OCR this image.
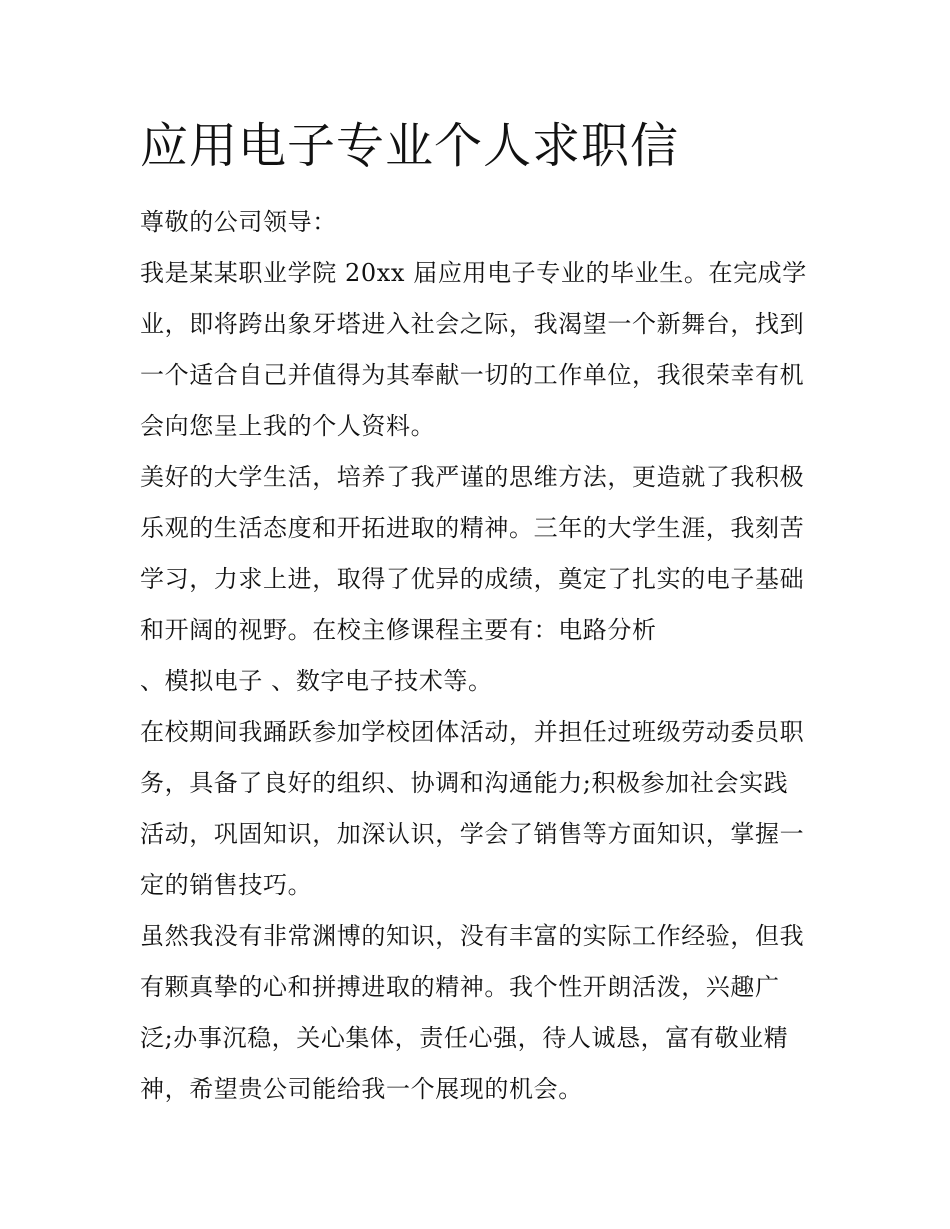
应用电子专业个人求职信

尊敬的公司领导：

我是某某职业学院 20xx 届应用电子专业的毕业生。在完成学

业，即将跨出象牙塔进入社会之际，我渴望一个新舞台，找到

一个适合自己并值得为其奉献一切的工作单位，我很荣幸有机

会向您呈上我的个人资料。

美好的大学生活，培养了我严谨的思维方法，更造就了我积极

乐观的生活态度和开拓进取的精神。三年的大学生涯，我刻苦

学习，力求上进，取得了优异的成绩，奠定了扎实的电子基础

和开阔的视野。在校主修课程主要有：电路分析

、模拟电子 、数字电子技术等。

在校期间我踊跃参加学校团体活动，并担任过班级劳动委员职

务，具备了良好的组织、协调和沟通能力;积极参加社会实践

活动，巩固知识，加深认识，学会了销售等方面知识，掌握一

定的销售技巧。

虽然我没有非常渊博的知识，没有丰富的实际工作经验，但我

有颗真挚的心和拼搏进取的精神。我个性开朗活泼，兴趣广

泛;办事沉稳，关心集体，责任心强，待人诚恳，富有敬业精

神，希望贵公司能给我一个展现的机会。
